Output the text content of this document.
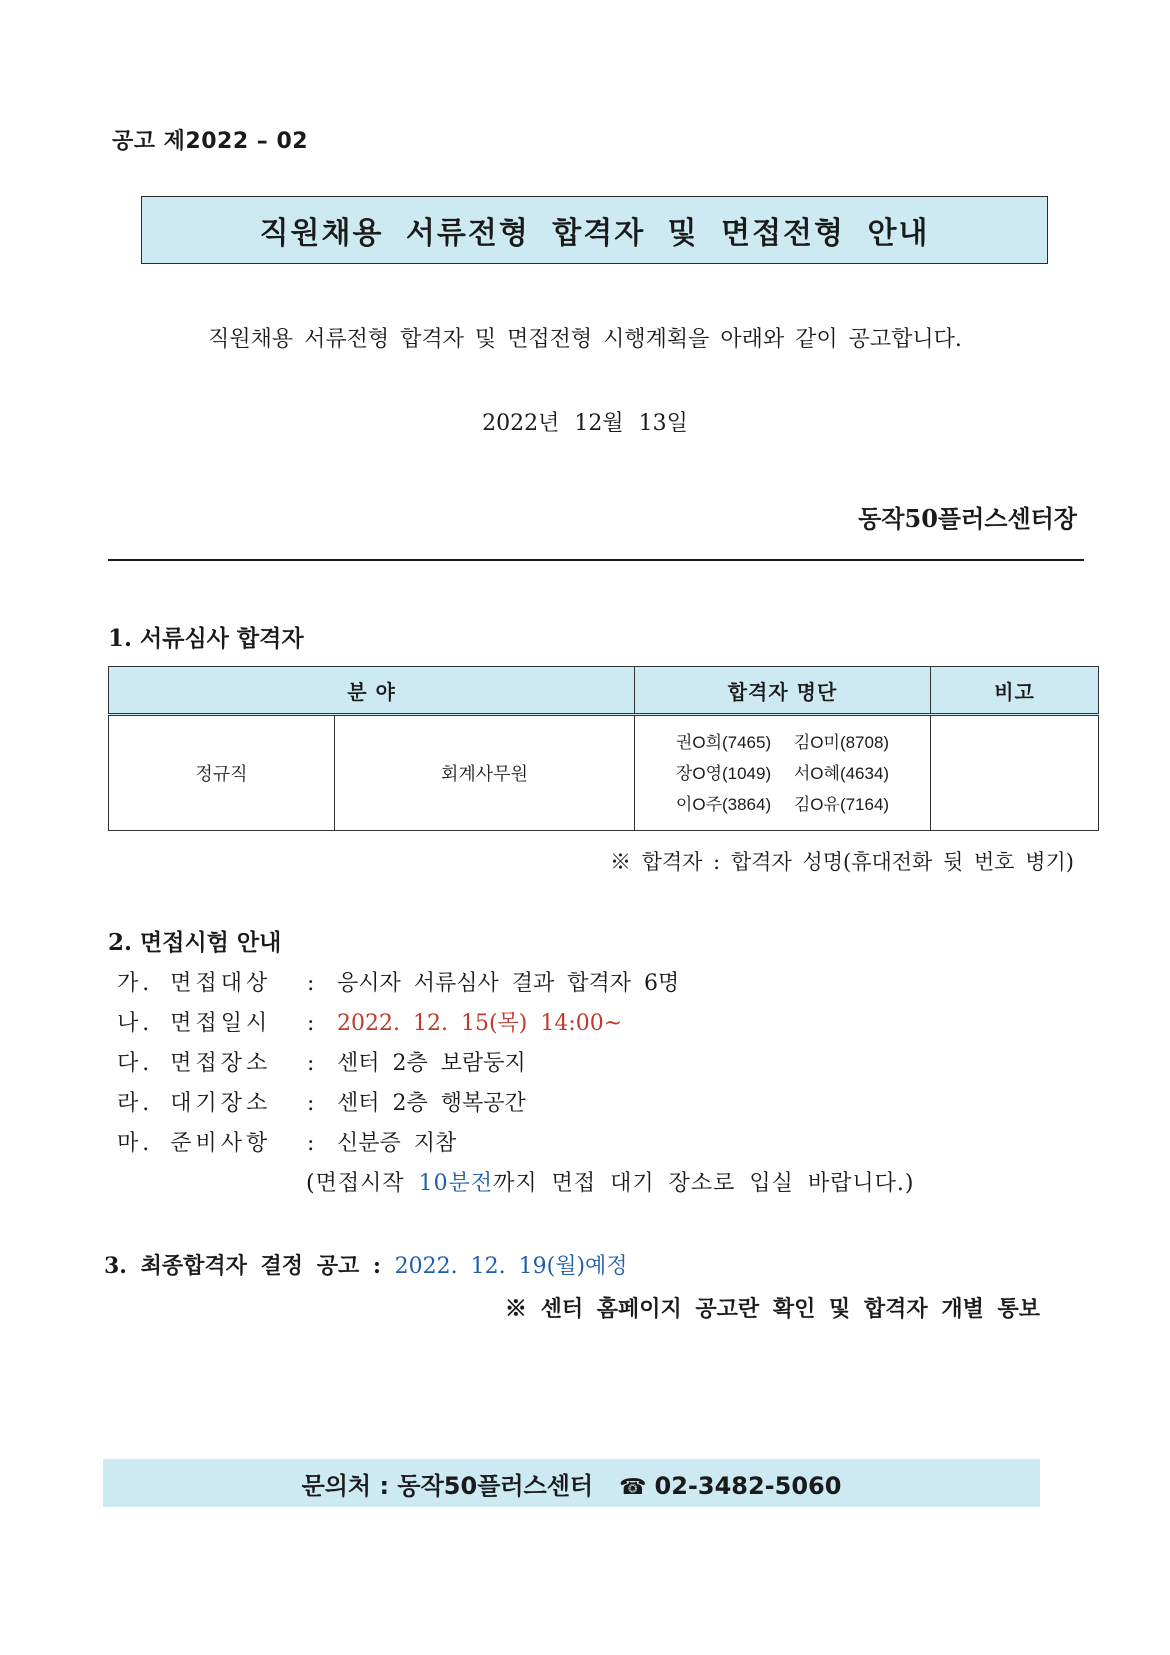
공고 제2022 – 02
직원채용 서류전형 합격자 및 면접전형 안내
직원채용 서류전형 합격자 및 면접전형 시행계획을 아래와 같이 공고합니다.
2022년 12월 13일
동작50플러스센터장
1. 서류심사 합격자
분 야		합격자 명단	비고
정규직	회계사무원	권O희(7465) 김O미(8708)
장O영(1049) 서O혜(4634)
이O주(3864) 김O유(7164)	

※ 합격자 : 합격자 성명(휴대전화 뒷 번호 병기)
2. 면접시험 안내
가. 면접대상 : 응시자 서류심사 결과 합격자 6명
나. 면접일시 : 2022. 12. 15(목) 14:00~
다. 면접장소 : 센터 2층 보람둥지
라. 대기장소 : 센터 2층 행복공간
마. 준비사항 : 신분증 지참
(면접시작 10분전까지 면접 대기 장소로 입실 바랍니다.)
3. 최종합격자 결정 공고 : 2022. 12. 19(월)예정
※ 센터 홈페이지 공고란 확인 및 합격자 개별 통보
문의처 : 동작50플러스센터 ☎ 02-3482-5060
